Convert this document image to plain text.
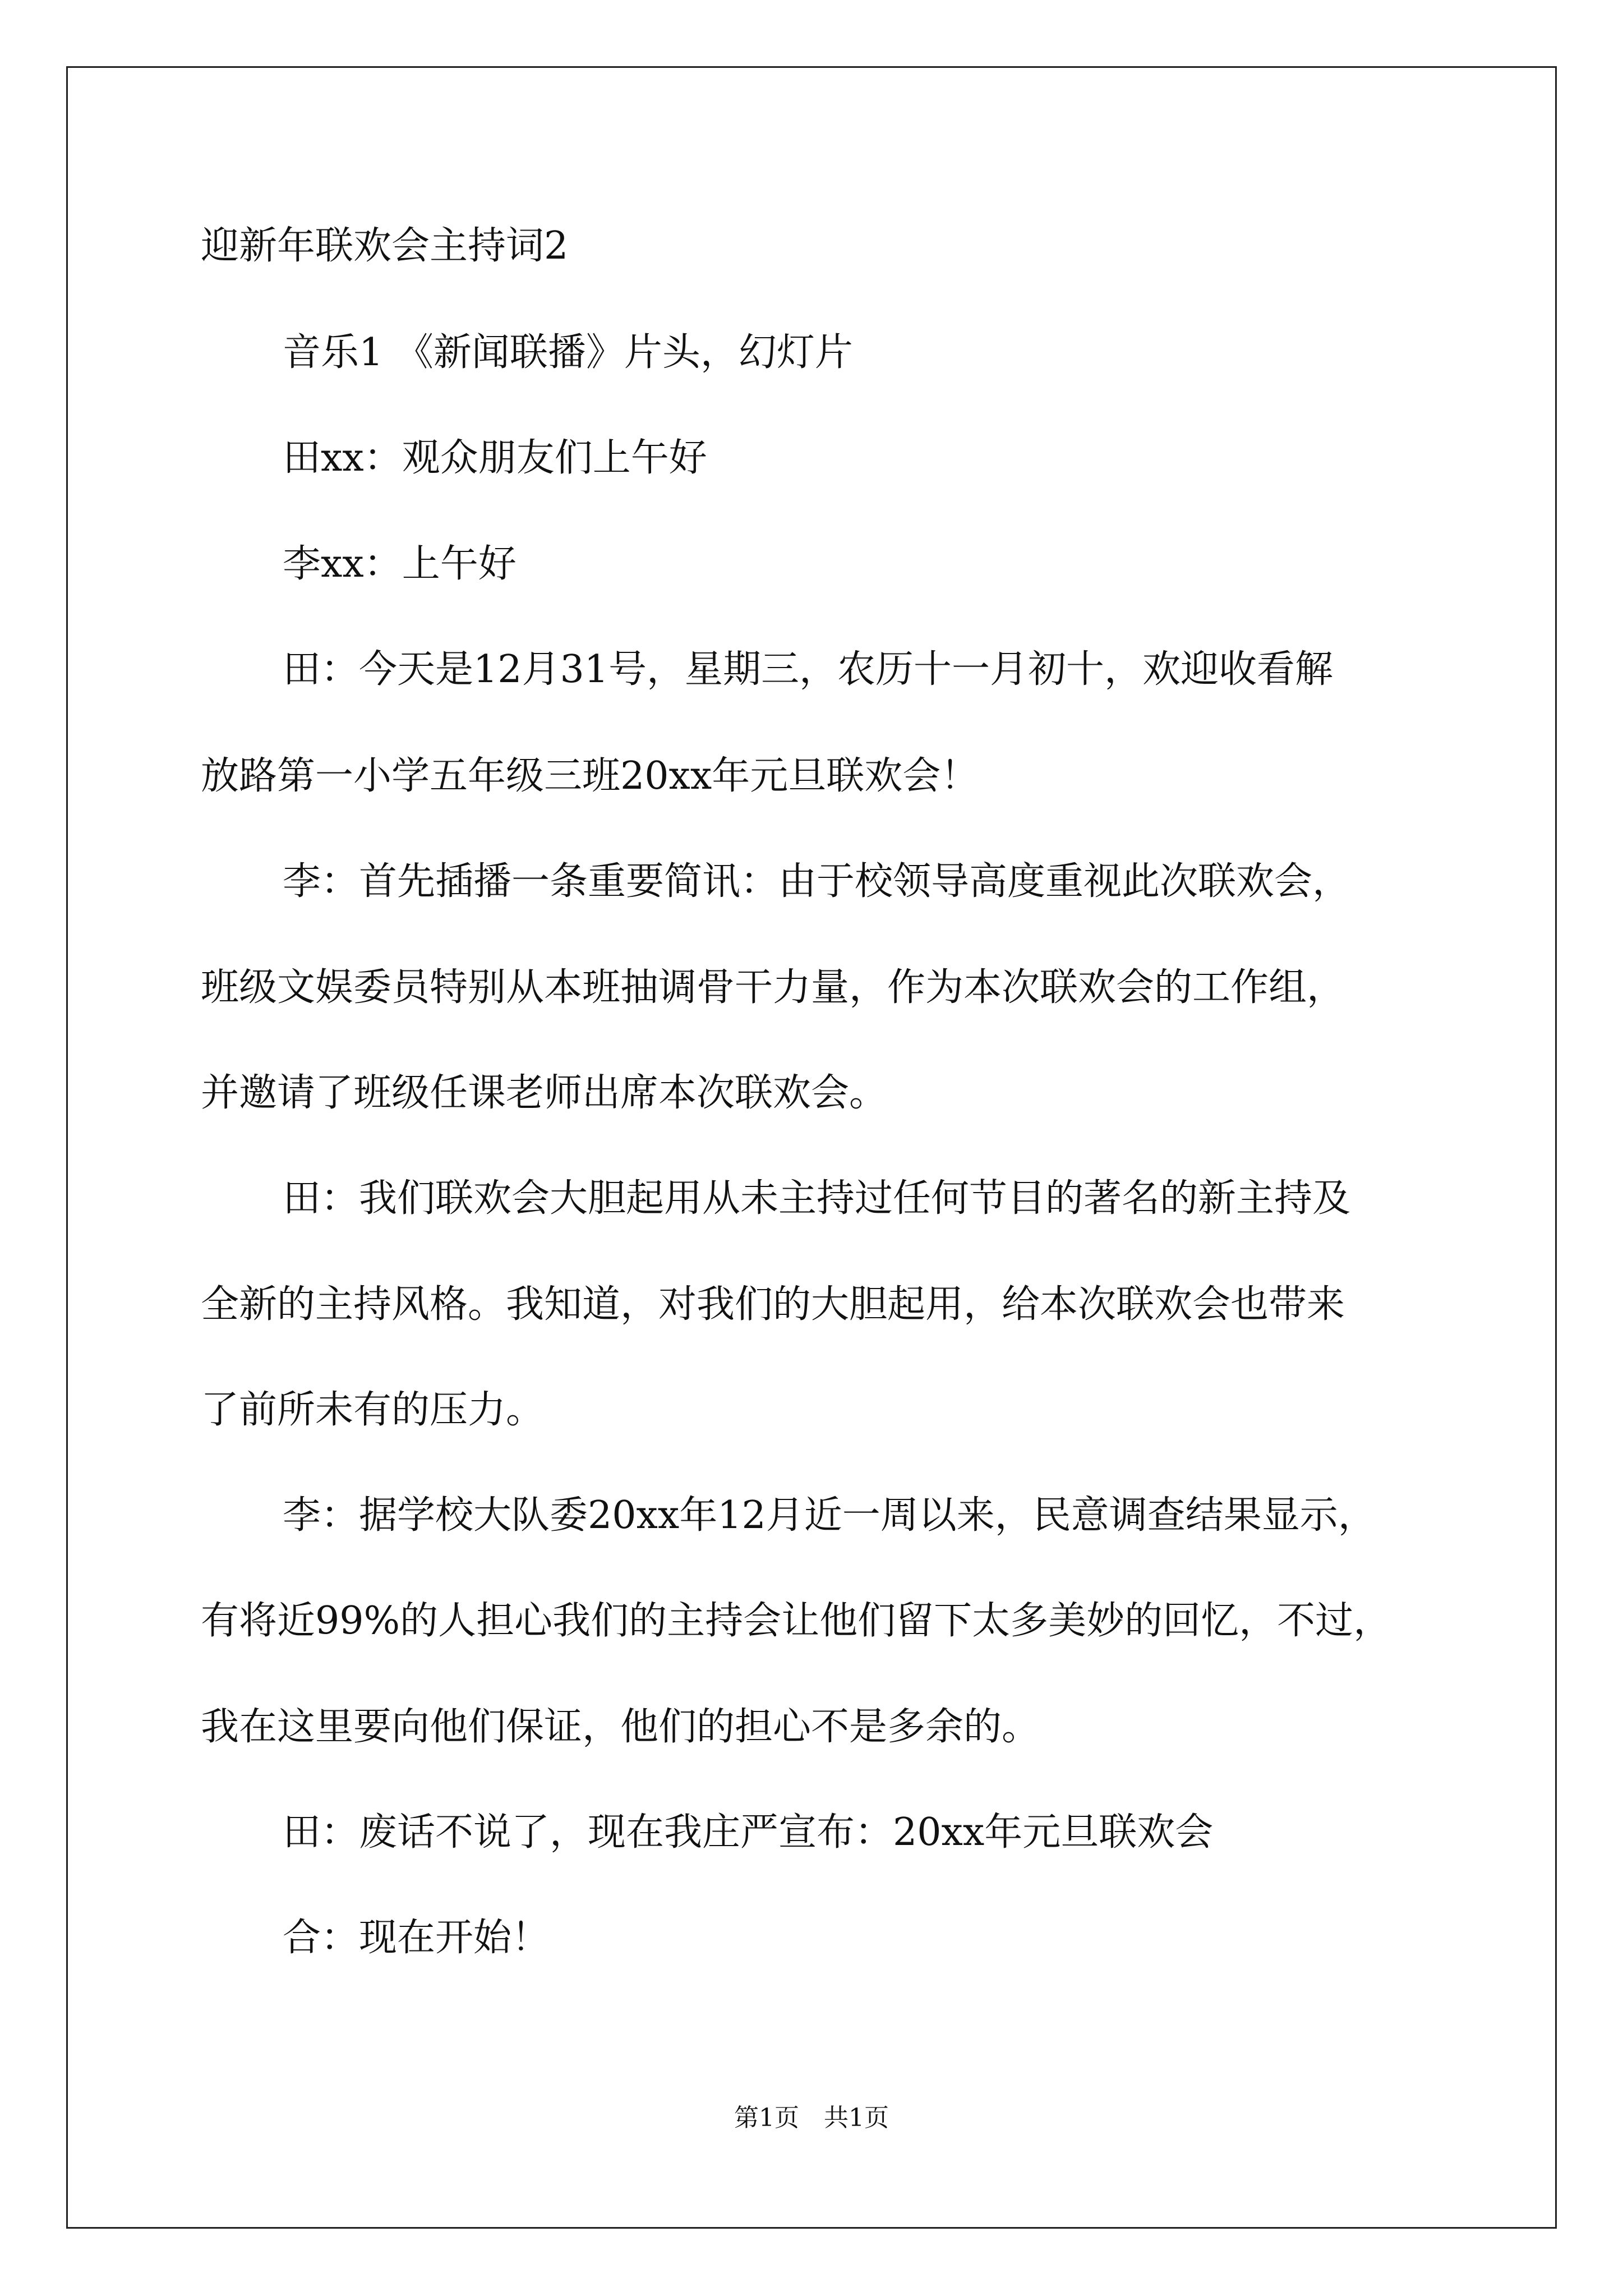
迎新年联欢会主持词2
音乐1 《新闻联播》片头，幻灯片
田xx：观众朋友们上午好
李xx：上午好
田：今天是12月31号，星期三，农历十一月初十，欢迎收看解
放路第一小学五年级三班20xx年元旦联欢会！
李：首先插播一条重要简讯：由于校领导高度重视此次联欢会，
班级文娱委员特别从本班抽调骨干力量，作为本次联欢会的工作组，
并邀请了班级任课老师出席本次联欢会。
田：我们联欢会大胆起用从未主持过任何节目的著名的新主持及
全新的主持风格。我知道，对我们的大胆起用，给本次联欢会也带来
了前所未有的压力。
李：据学校大队委20xx年12月近一周以来，民意调查结果显示，
有将近99%的人担心我们的主持会让他们留下太多美妙的回忆，不过，
我在这里要向他们保证，他们的担心不是多余的。
田：废话不说了，现在我庄严宣布：20xx年元旦联欢会
合：现在开始！
第1页　共1页
